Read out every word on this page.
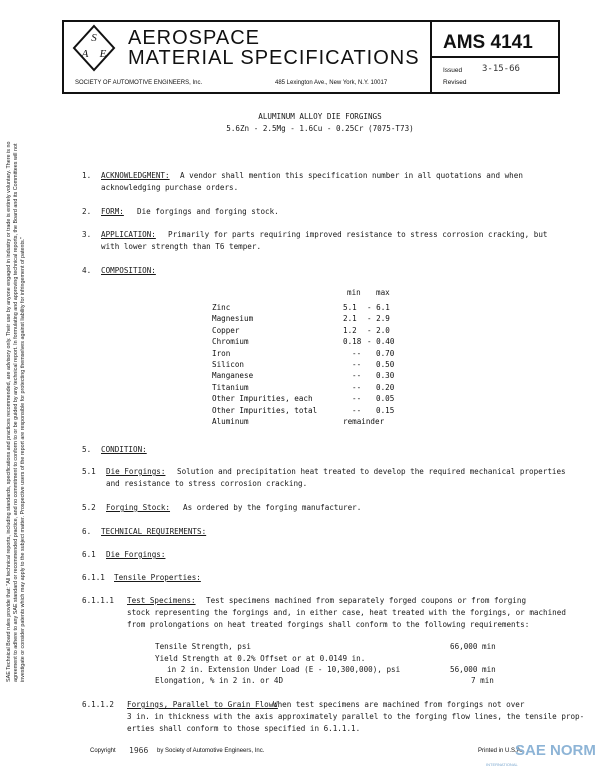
S
A E
AEROSPACE
MATERIAL SPECIFICATIONS
SOCIETY OF AUTOMOTIVE ENGINEERS, Inc.	485 Lexington Ave., New York, N.Y. 10017
AMS 4141
Issued 3-15-66
Revised
ALUMINUM ALLOY DIE FORGINGS
5.6Zn - 2.5Mg - 1.6Cu - 0.25Cr (7075-T73)
SAE Technical Board rules provide that: "All technical reports, including standards, specifications and practices recommended, are advisory only. Their use by anyone engaged in industry or trade is entirely voluntary. There is no agreement to adhere to any SAE standard or recommended practice, and no commitment to conform to or be guided by any technical report. In formulating and approving technical reports, the Board and its Committees will not investigate or consider patents which may apply to the subject matter. Prospective users of the report are responsible for protecting themselves against liability for infringement of patents."
1. ACKNOWLEDGMENT: A vendor shall mention this specification number in all quotations and when
acknowledging purchase orders.
2. FORM: Die forgings and forging stock.
3. APPLICATION: Primarily for parts requiring improved resistance to stress corrosion cracking, but
with lower strength than T6 temper.
4. COMPOSITION:
min max
Zinc	5.1 - 6.1
Magnesium	2.1 - 2.9
Copper	1.2 - 2.0
Chromium	0.18 - 0.40
Iron	-- 0.70
Silicon	-- 0.50
Manganese	-- 0.30
Titanium	-- 0.20
Other Impurities, each	-- 0.05
Other Impurities, total	-- 0.15
Aluminum	remainder
5. CONDITION:
5.1 Die Forgings: Solution and precipitation heat treated to develop the required mechanical properties
and resistance to stress corrosion cracking.
5.2 Forging Stock: As ordered by the forging manufacturer.
6. TECHNICAL REQUIREMENTS:
6.1 Die Forgings:
6.1.1 Tensile Properties:
6.1.1.1 Test Specimens: Test specimens machined from separately forged coupons or from forging
stock representing the forgings and, in either case, heat treated with the forgings, or machined
from prolongations on heat treated forgings shall conform to the following requirements:
Tensile Strength, psi	66,000 min
Yield Strength at 0.2% Offset or at 0.0149 in.
in 2 in. Extension Under Load (E - 10,300,000), psi	56,000 min
Elongation, % in 2 in. or 4D	7 min
6.1.1.2 Forgings, Parallel to Grain Flow:
When test specimens are machined from forgings not over
3 in. in thickness with the axis approximately parallel to the forging flow lines, the tensile prop-
erties shall conform to those specified in 6.1.1.1.
Copyright 1966 by Society of Automotive Engineers, Inc.	Printed in U.S.A.
SAE NORM
INTERNATIONAL
